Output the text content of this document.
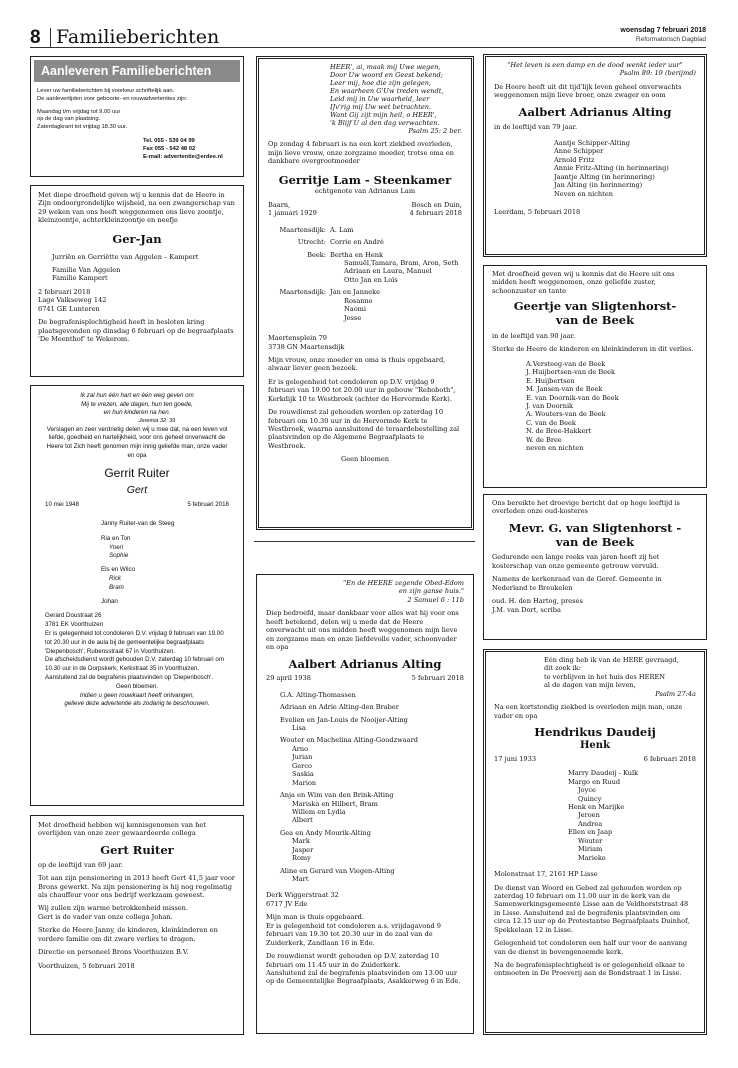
8 Familieberichten	woensdag 7 februari 2018
Reformatorisch Dagblad
Aanleveren Familieberichten

Lever uw familieberichten bij voorkeur schriftelijk aan.

De aanlevertijden voor geboorte- en rouwadvertenties zijn:

Maandag t/m vrijdag tot 9.00 uur

op de dag van plaatsing.

Zaterdagkrant tot vrijdag 18.30 uur.

Tel. 055 - 539 04 99

Fax 055 - 542 48 02

E-mail: advertentie@erdee.nl

Met diepe droefheid geven wij u kennis dat de Heere in Zijn ondoorgrondelijke wijsheid, na een zwangerschap van 29 weken van ons heeft weggenomen ons lieve zoontje, kleinzoontje, achterkleinzoontje en neefje

Ger-Jan

Jurriën en Gerriëtte van Aggelen – Kampert

Familie Van Aggelen

Familie Kampert

2 februari 2018

Lage Valkseweg 142

6741 GE Lunteren

De begrafenisplechtigheid heeft in besloten kring plaatsgevonden op dinsdag 6 februari op de begraafplaats 'De Meenthof' te Wekerom.

Ik zal hun één hart en één weg geven om

Mij te vrezen, alle dagen, hun ten goede,

en hun kinderen na hen.

Jeremia 32: 39

Verslagen en zeer verdrietig delen wij u mee dat, na een leven vol liefde, goedheid en hartelijkheid, voor ons geheel onverwacht de Heere tot Zich heeft genomen mijn innig geliefde man, onze vader en opa

Gerrit Ruiter
Gert
10 mei 1948	5 februari 2018

Janny Ruiter-van de Steeg

Ria en Ton

Yoeri

Sophie

Els en Wilco

Rick

Bram

Johan

Gerard Doustraat 26

3781 EK Voorthuizen

Er is gelegenheid tot condoleren D.V. vrijdag 9 februari van 19.00 tot 20.30 uur in de aula bij de gemeentelijke begraafplaats 'Diepenbosch', Rubensstraat 67 in Voorthuizen.

De afscheidsdienst wordt gehouden D.V. zaterdag 10 februari om 10.30 uur in de Dorpskerk, Kerkstraat 35 in Voorthuizen. Aansluitend zal de begrafenis plaatsvinden op 'Diepenbosch'.

Geen bloemen.

Indien u geen rouwkaart heeft ontvangen,

gelieve deze advertentie als zodanig te beschouwen.

Met droefheid hebben wij kennisgenomen van het overlijden van onze zeer gewaardeerde collega

Gert Ruiter

op de leeftijd van 69 jaar.

Tot aan zijn pensionering in 2013 heeft Gert 41,5 jaar voor Brons gewerkt. Na zijn pensionering is hij nog regelmatig als chauffeur voor ons bedrijf werkzaam geweest.

Wij zullen zijn warme betrokkenheid missen.

Gert is de vader van onze collega Johan.

Sterke de Heere Janny, de kinderen, kleinkinderen en verdere familie om dit zware verlies te dragen.

Directie en personeel Brons Voorthuizen B.V.

Voorthuizen, 5 februari 2018

HEER', ai, maak mij Uwe wegen,

Door Uw woord en Geest bekend;

Leer mij, hoe die zijn gelegen,

En waarheen G'Uw treden wendt,

Leid mij in Uw waarheid, leer

IJv'rig mij Uw wet betrachten.

Want Gij zijt mijn heil, o HEER',

'k Blijf U al den dag verwachten.

Psalm 25: 2 ber.

Op zondag 4 februari is na een kort ziekbed overleden, mijn lieve vrouw, onze zorgzame moeder, trotse oma en dankbare overgrootmoeder

Gerritje Lam - Steenkamer

echtgenote van Adrianus Lam

Baarn,	Bosch en Duin,
1 januari 1929	4 februari 2018
Maartensdijk: A. Lam
Utrecht: Corrie en André
Beek: Bertha en Henk
Samuël,Tamara, Bram, Aron, Seth
Adriaan en Laura, Manuel
Otto Jan en Loïs
Maartensdijk: Jan en Janneke
Rosanne
Naomi
Jesse

Maertensplein 79

3738 GN Maartensdijk

Mijn vrouw, onze moeder en oma is thuis opgebaard, alwaar liever geen bezoek.

Er is gelegenheid tot condoleren op D.V. vrijdag 9 februari van 19.00 tot 20.00 uur in gebouw "Rehoboth", Kerkdijk 10 te Westbroek (achter de Hervormde Kerk).

De rouwdienst zal gehouden worden op zaterdag 10 februari om 10.30 uur in de Hervormde Kerk te Westbroek, waarna aansluitend de teraardebestelling zal plaatsvinden op de Algemene Begraafplaats te Westbroek.

Geen bloemen

"En de HEERE zegende Obed-Edom

en zijn ganse huis."

2 Samuel 6 : 11b

Diep bedroefd, maar dankbaar voor alles wat hij voor ons heeft betekend, delen wij u mede dat de Heere onverwacht uit ons midden heeft weggenomen mijn lieve en zorgzame man en onze liefdevolle vader, schoonvader en opa

Aalbert Adrianus Alting
29 april 1938	5 februari 2018
G.A. Alting-Thomassen
Adriaan en Adrie Alting-den Braber
Evelien en Jan-Louis de Nooijer-Alting
Lisa
Wouter en Machelina Alting-Goudzwaard
Arno
Jurian
Gerco
Saskia
Marion
Anja en Wim van den Brink-Alting
Mariska en Hilbert, Bram
Willem en Lydia
Albert
Gea en Andy Mourik-Alting
Mark
Jasper
Romy
Aline en Gerard van Viegen-Alting
Mart

Derk Wiggerstraat 32

6717 JV Ede

Mijn man is thuis opgebaard.

Er is gelegenheid tot condoleren a.s. vrijdagavond 9 februari van 19.30 tot 20.30 uur in de zaal van de Zuiderkerk, Zandlaan 16 in Ede.

De rouwdienst wordt gehouden op D.V. zaterdag 10 februari om 11.45 uur in de Zuiderkerk.

Aansluitend zal de begrafenis plaatsvinden om 13.00 uur op de Gemeentelijke Begraafplaats, Asakkerweg 6 in Ede.

"Het leven is een damp en de dood wenkt ieder uur"

Psalm 89: 19 (berijmd)

De Heere heeft uit dit tijd'lijk leven geheel onverwachts weggenomen mijn lieve broer, onze zwager en oom

Aalbert Adrianus Alting

in de leeftijd van 79 jaar.

Aantje Schipper-Alting
Anne Schipper
Arnold Fritz
Annie Fritz-Alting (in herinnering)
Jaantje Alting (in herinnering)
Jan Alting (in herinnering)
Neven en nichten

Leerdam, 5 februari 2018

Met droefheid geven wij u kennis dat de Heere uit ons midden heeft weggenomen, onze geliefde zuster, schoonzuster en tante

Geertje van Sligtenhorst-
van de Beek

in de leeftijd van 90 jaar.

Sterke de Heere de kinderen en kleinkinderen in dit verlies.

A.Versteeg-van de Beek
J. Huijbertsen-van de Beek
E. Huijbertsen
M. Jansen-van de Beek
E. van Doornik-van de Beek
J. van Doornik
A. Wouters-van de Beek
C. van de Beek
N. de Bree-Hakkert
W. de Bree
neven en nichten

Ons bereikte het droevige bericht dat op hoge leeftijd is overleden onze oud-kosteres

Mevr. G. van Sligtenhorst -
van de Beek

Gedurende een lange reeks van jaren heeft zij het kosterschap van onze gemeente getrouw vervuld.

Namens de kerkenraad van de Geref. Gemeente in Nederland te Breukelen

oud. H. den Hartog, preses

J.M. van Dort, scriba

Eén ding heb ik van de HERE gevraagd,

dit zoek ik:

te verblijven in het huis des HEREN

al de dagen van mijn leven,

Psalm 27:4a

Na een kortstondig ziekbed is overleden mijn man, onze vader en opa

Hendrikus Daudeij
Henk
17 juni 1933	6 februari 2018
Marry Daudeij - Kulk
Margo en Ruud
Joyce
Quincy
Henk en Marijke
Jeroen
Andrea
Ellen en Jaap
Wouter
Miriam
Marieke

Molenstraat 17, 2161 HP Lisse

De dienst van Woord en Gebed zal gehouden worden op zaterdag 10 februari om 11.00 uur in de kerk van de Samenwerkingsgemeente Lisse aan de Veldhorststraat 48 in Lisse. Aansluitend zal de begrafenis plaatsvinden om circa 12.15 uur op de Protestantse Begraafplaats Duinhof, Spekkelaan 12 in Lisse.

Gelegenheid tot condoleren een half uur voor de aanvang van de dienst in bovengenoemde kerk.

Na de begrafenisplechtigheid is er gelegenheid elkaar te ontmoeten in De Proeverij aan de Bondstraat 1 in Lisse.
